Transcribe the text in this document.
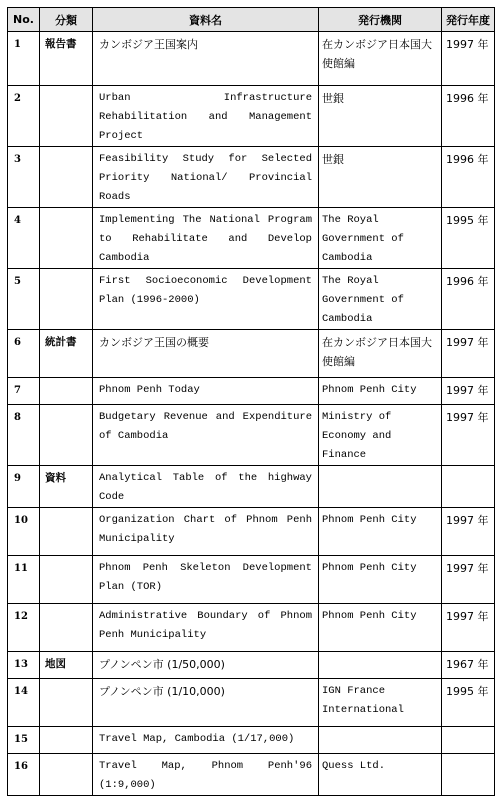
No.	分類	資料名	発行機関	発行年度
1	報告書	カンボジア王国案内	在カンボジア日本国大使館編	1997 年
2		Urban Infrastructure Rehabilitation and Management Project	世銀	1996 年
3		Feasibility Study for Selected Priority National/ Provincial Roads	世銀	1996 年
4		Implementing The National Program to Rehabilitate and Develop Cambodia	The Royal Government of Cambodia	1995 年
5		First Socioeconomic Development Plan (1996-2000)	The Royal Government of Cambodia	1996 年
6	統計書	カンボジア王国の概要	在カンボジア日本国大使館編	1997 年
7		Phnom Penh Today	Phnom Penh City	1997 年
8		Budgetary Revenue and Expenditure of Cambodia	Ministry of Economy and Finance	1997 年
9	資料	Analytical Table of the highway Code		
10		Organization Chart of Phnom Penh Municipality	Phnom Penh City	1997 年
11		Phnom Penh Skeleton Development Plan (TOR)	Phnom Penh City	1997 年
12		Administrative Boundary of Phnom Penh Municipality	Phnom Penh City	1997 年
13	地図	プノンペン市 (1/50,000)		1967 年
14		プノンペン市 (1/10,000)	IGN France International	1995 年
15		Travel Map, Cambodia (1/17,000)		
16		Travel Map, Phnom Penh'96 (1:9,000)	Quess Ltd.	
